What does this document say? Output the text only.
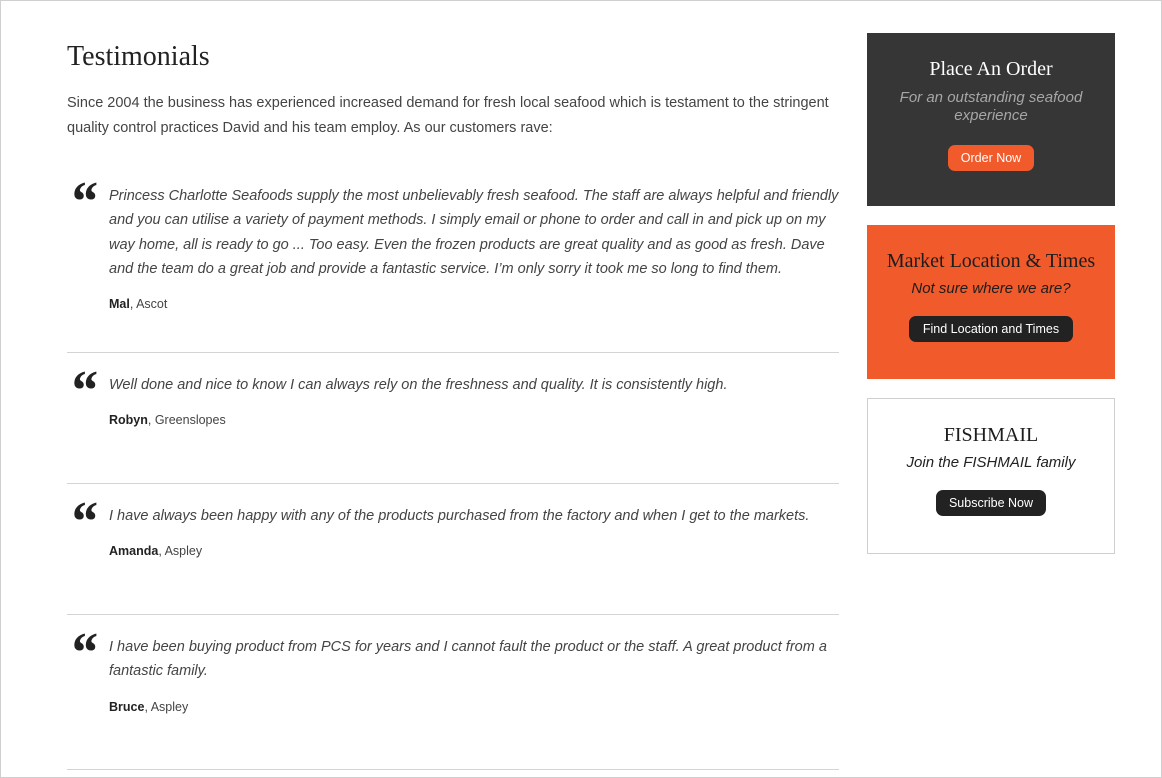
Testimonials

Since 2004 the business has experienced increased demand for fresh local seafood which is testament to the stringent quality control practices David and his team employ. As our customers rave:

“ Princess Charlotte Seafoods supply the most unbelievably fresh seafood. The staff are always helpful and friendly and you can utilise a variety of payment methods. I simply email or phone to order and call in and pick up on my way home, all is ready to go ... Too easy. Even the frozen products are great quality and as good as fresh. Dave and the team do a great job and provide a fantastic service. I’m only sorry it took me so long to find them.

Mal, Ascot
“ Well done and nice to know I can always rely on the freshness and quality. It is consistently high.

Robyn, Greenslopes
“ I have always been happy with any of the products purchased from the factory and when I get to the markets.

Amanda, Aspley
“ I have been buying product from PCS for years and I cannot fault the product or the staff. A great product from a fantastic family.

Bruce, Aspley
Place An Order
For an outstanding seafood experience
Order Now
Market Location & Times
Not sure where we are?
Find Location and Times
FISHMAIL
Join the FISHMAIL family
Subscribe Now
